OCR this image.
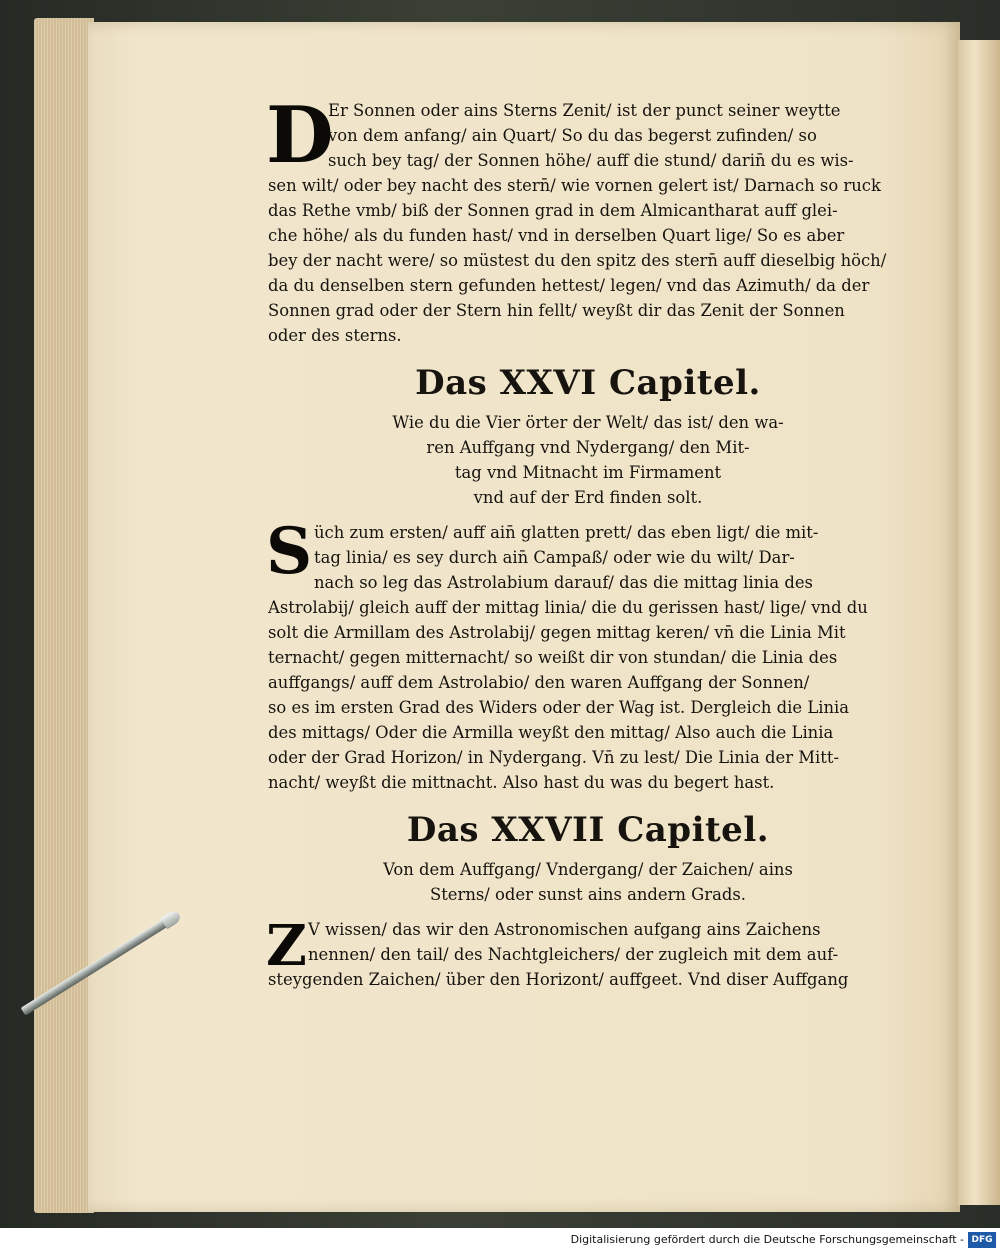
D
Er Sonnen oder ains Sterns Zenit/ ist der punct seiner weytte
von dem anfang/ ain Quart/ So du das begerst zufinden/ so
such bey tag/ der Sonnen höhe/ auff die stund/ darin̄ du es wis-
sen wilt/ oder bey nacht des stern̄/ wie vornen gelert ist/ Darnach so ruck
das Rethe vmb/ biß der Sonnen grad in dem Almicantharat auff glei-
che höhe/ als du funden hast/ vnd in derselben Quart lige/ So es aber
bey der nacht were/ so müstest du den spitz des stern̄ auff dieselbig höch/
da du denselben stern gefunden hettest/ legen/ vnd das Azimuth/ da der
Sonnen grad oder der Stern hin fellt/ weyßt dir das Zenit der Sonnen
oder des sterns.
Das XXVI Capitel.
Wie du die Vier örter der Welt/ das ist/ den wa-
ren Auffgang vnd Nydergang/ den Mit-
tag vnd Mitnacht im Firmament
vnd auf der Erd finden solt.
S üch zum ersten/ auff ain̄ glatten prett/ das eben ligt/ die mit-
tag linia/ es sey durch ain̄ Campaß/ oder wie du wilt/ Dar-
nach so leg das Astrolabium darauf/ das die mittag linia des
Astrolabij/ gleich auff der mittag linia/ die du gerissen hast/ lige/ vnd du
solt die Armillam des Astrolabij/ gegen mittag keren/ vn̄ die Linia Mit
ternacht/ gegen mitternacht/ so weißt dir von stundan/ die Linia des
auffgangs/ auff dem Astrolabio/ den waren Auffgang der Sonnen/
so es im ersten Grad des Widers oder der Wag ist. Dergleich die Linia
des mittags/ Oder die Armilla weyßt den mittag/ Also auch die Linia
oder der Grad Horizon/ in Nydergang. Vn̄ zu lest/ Die Linia der Mitt-
nacht/ weyßt die mittnacht. Also hast du was du begert hast.
Das XXVII Capitel.
Von dem Auffgang/ Vndergang/ der Zaichen/ ains
Sterns/ oder sunst ains andern Grads.
Z V wissen/ das wir den Astronomischen aufgang ains Zaichens
nennen/ den tail/ des Nachtgleichers/ der zugleich mit dem auf-
steygenden Zaichen/ über den Horizont/ auffgeet. Vnd diser Auffgang
Digitalisierung gefördert durch die Deutsche Forschungsgemeinschaft - DFG
